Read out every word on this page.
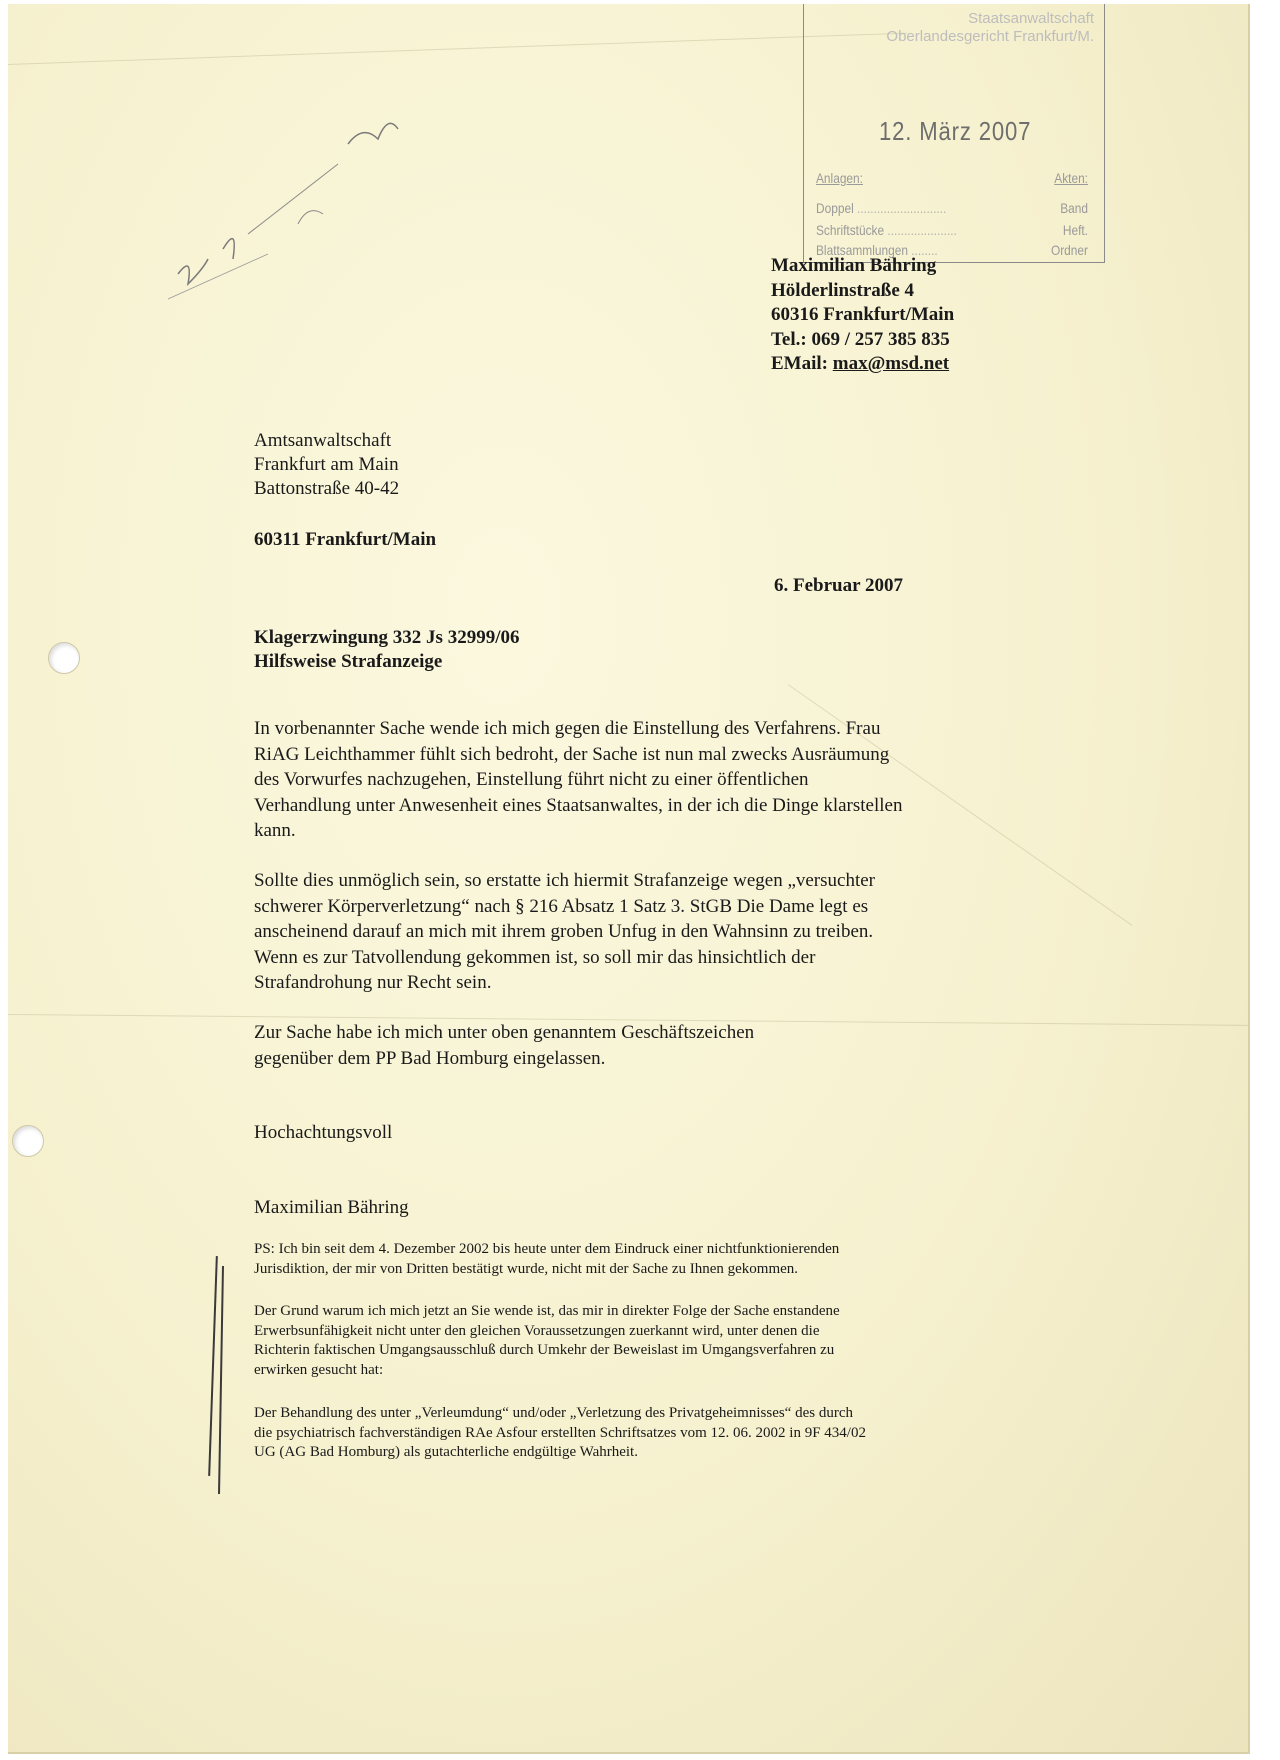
Staatsanwaltschaft
Oberlandesgericht Frankfurt/M.
12. März 2007
Anlagen:	Akten:
Doppel ...........................	Band
Schriftstücke .....................	Heft.
Blattsammlungen ........	Ordner
Maximilian Bähring
Hölderlinstraße 4
60316 Frankfurt/Main
Tel.: 069 / 257 385 835
EMail: max@msd.net
Amtsanwaltschaft
Frankfurt am Main
Battonstraße 40-42
60311 Frankfurt/Main
6. Februar 2007
Klagerzwingung 332 Js 32999/06
Hilfsweise Strafanzeige
In vorbenannter Sache wende ich mich gegen die Einstellung des Verfahrens. Frau
RiAG Leichthammer fühlt sich bedroht, der Sache ist nun mal zwecks Ausräumung
des Vorwurfes nachzugehen, Einstellung führt nicht zu einer öffentlichen
Verhandlung unter Anwesenheit eines Staatsanwaltes, in der ich die Dinge klarstellen
kann.
Sollte dies unmöglich sein, so erstatte ich hiermit Strafanzeige wegen „versuchter
schwerer Körperverletzung“ nach § 216 Absatz 1 Satz 3. StGB Die Dame legt es
anscheinend darauf an mich mit ihrem groben Unfug in den Wahnsinn zu treiben.
Wenn es zur Tatvollendung gekommen ist, so soll mir das hinsichtlich der
Strafandrohung nur Recht sein.
Zur Sache habe ich mich unter oben genanntem Geschäftszeichen
gegenüber dem PP Bad Homburg eingelassen.
Hochachtungsvoll
Maximilian Bähring
PS: Ich bin seit dem 4. Dezember 2002 bis heute unter dem Eindruck einer nichtfunktionierenden
Jurisdiktion, der mir von Dritten bestätigt wurde, nicht mit der Sache zu Ihnen gekommen.
Der Grund warum ich mich jetzt an Sie wende ist, das mir in direkter Folge der Sache enstandene
Erwerbsunfähigkeit nicht unter den gleichen Voraussetzungen zuerkannt wird, unter denen die
Richterin faktischen Umgangsausschluß durch Umkehr der Beweislast im Umgangsverfahren zu
erwirken gesucht hat:
Der Behandlung des unter „Verleumdung“ und/oder „Verletzung des Privatgeheimnisses“ des durch
die psychiatrisch fachverständigen RAe Asfour erstellten Schriftsatzes vom 12. 06. 2002 in 9F 434/02
UG (AG Bad Homburg) als gutachterliche endgültige Wahrheit.
